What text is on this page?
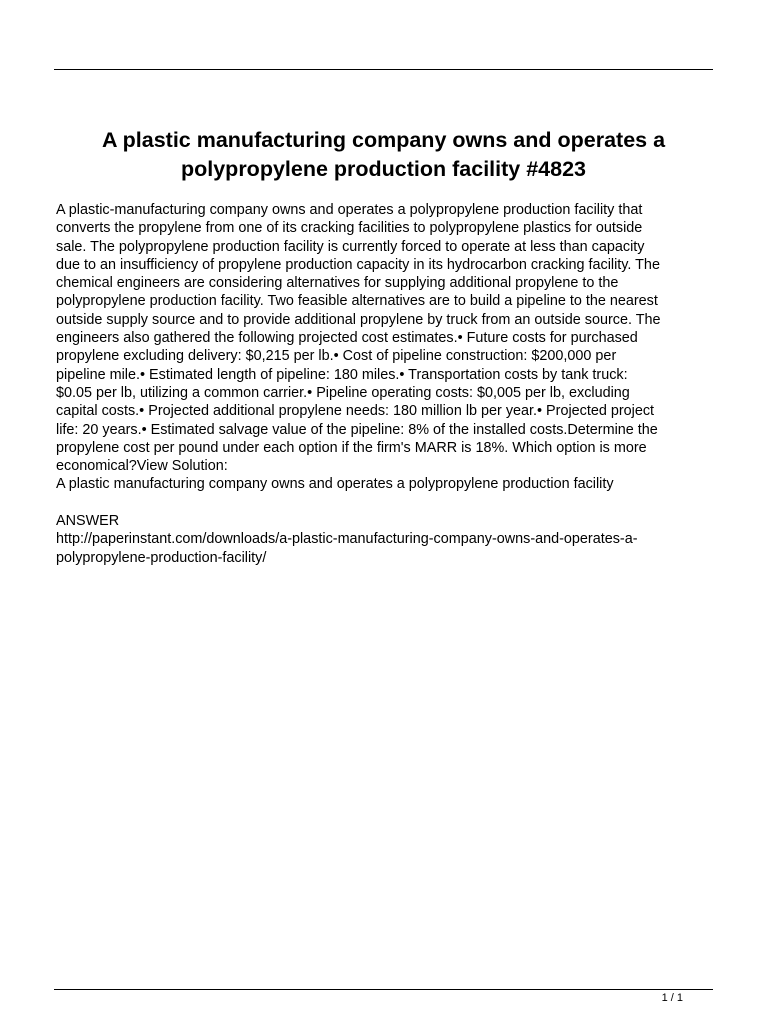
A plastic manufacturing company owns and operates a polypropylene production facility #4823

A plastic-manufacturing company owns and operates a polypropylene production facility that

converts the propylene from one of its cracking facilities to polypropylene plastics for outside

sale. The polypropylene production facility is currently forced to operate at less than capacity

due to an insufficiency of propylene production capacity in its hydrocarbon cracking facility. The

chemical engineers are considering alternatives for supplying additional propylene to the

polypropylene production facility. Two feasible alternatives are to build a pipeline to the nearest

outside supply source and to provide additional propylene by truck from an outside source. The

engineers also gathered the following projected cost estimates.• Future costs for purchased

propylene excluding delivery: $0,215 per lb.• Cost of pipeline construction: $200,000 per

pipeline mile.• Estimated length of pipeline: 180 miles.• Transportation costs by tank truck:

$0.05 per lb, utilizing a common carrier.• Pipeline operating costs: $0,005 per lb, excluding

capital costs.• Projected additional propylene needs: 180 million lb per year.• Projected project

life: 20 years.• Estimated salvage value of the pipeline: 8% of the installed costs.Determine the

propylene cost per pound under each option if the firm's MARR is 18%. Which option is more

economical?View Solution:

A plastic manufacturing company owns and operates a polypropylene production facility

ANSWER

http://paperinstant.com/downloads/a-plastic-manufacturing-company-owns-and-operates-a-

polypropylene-production-facility/

1 / 1
